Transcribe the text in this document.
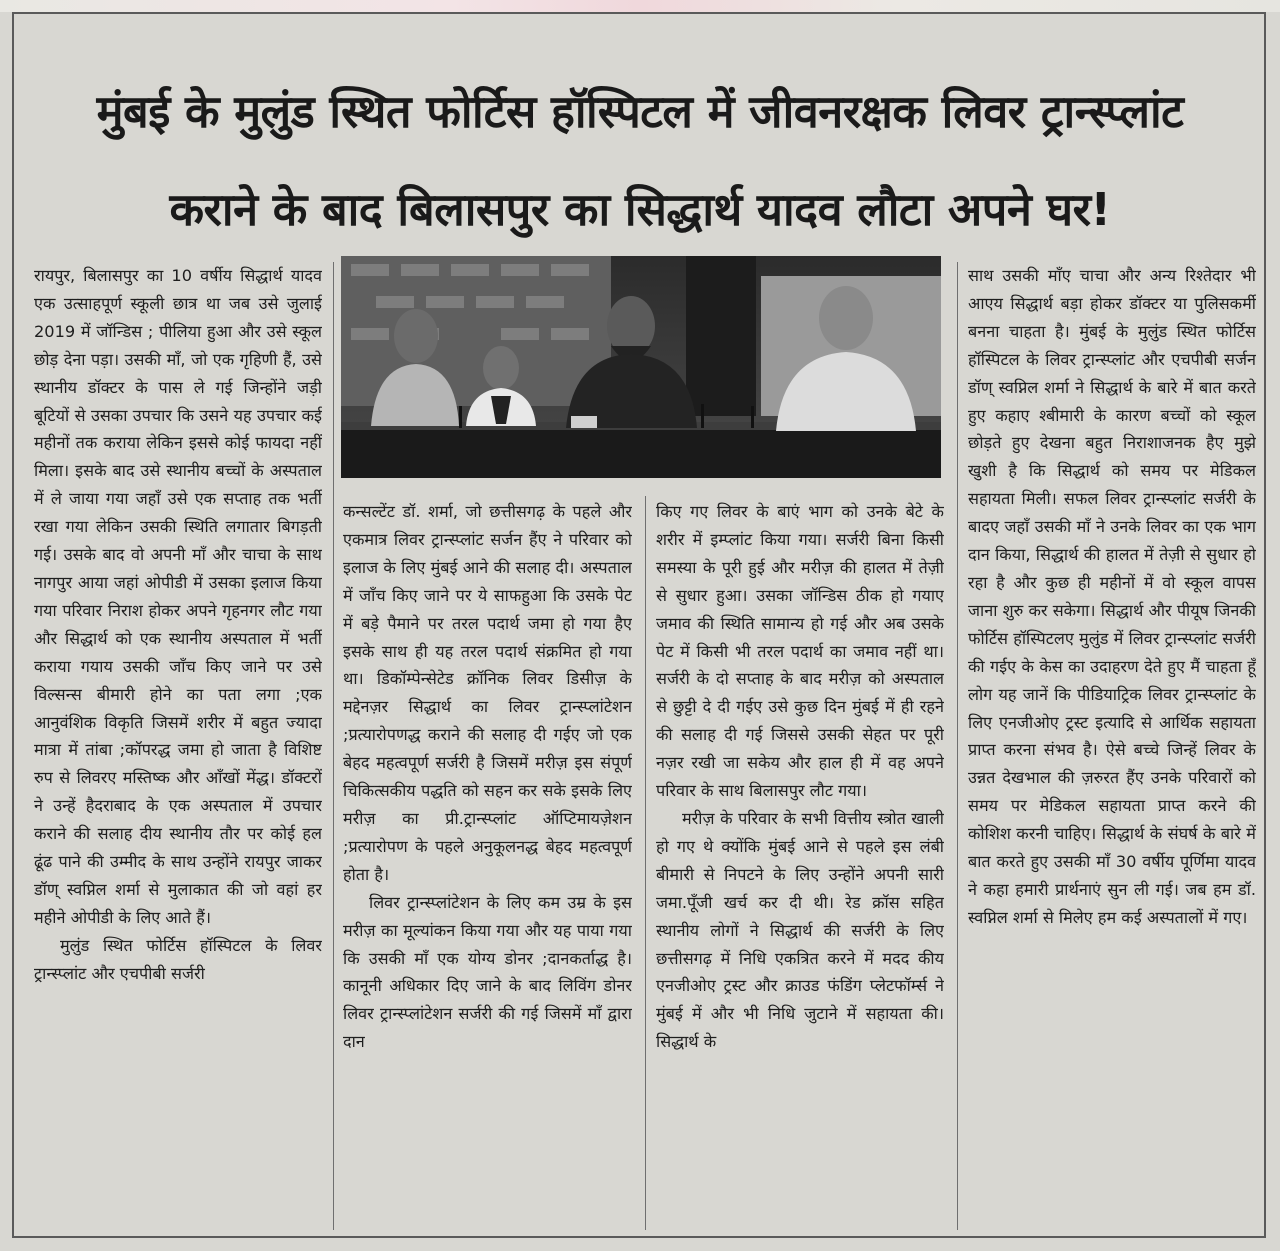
मुंबई के मुलुंड स्थित फोर्टिस हॉस्पिटल में जीवनरक्षक लिवर ट्रान्स्प्लांट
कराने के बाद बिलासपुर का सिद्धार्थ यादव लौटा अपने घर!

रायपुर, बिलासपुर का 10 वर्षीय सिद्धार्थ यादव एक उत्साहपूर्ण स्कूली छात्र था जब उसे जुलाई 2019 में जॉन्डिस ; पीलिया हुआ और उसे स्कूल छोड़ देना पड़ा। उसकी माँ, जो एक गृहिणी हैं, उसे स्थानीय डॉक्टर के पास ले गई जिन्होंने जड़ी बूटियों से उसका उपचार कि उसने यह उपचार कई महीनों तक कराया लेकिन इससे कोई फायदा नहीं मिला। इसके बाद उसे स्थानीय बच्चों के अस्पताल में ले जाया गया जहाँ उसे एक सप्ताह तक भर्ती रखा गया लेकिन उसकी स्थिति लगातार बिगड़ती गई। उसके बाद वो अपनी माँ और चाचा के साथ नागपुर आया जहां ओपीडी में उसका इलाज किया गया परिवार निराश होकर अपने गृहनगर लौट गया और सिद्धार्थ को एक स्थानीय अस्पताल में भर्ती कराया गयाय उसकी जाँच किए जाने पर उसे विल्सन्स बीमारी होने का पता लगा ;एक आनुवंशिक विकृति जिसमें शरीर में बहुत ज्यादा मात्रा में तांबा ;कॉपरद्ध जमा हो जाता है विशिष्ट रुप से लिवरए मस्तिष्क और आँखों मेंद्ध। डॉक्टरों ने उन्हें हैदराबाद के एक अस्पताल में उपचार कराने की सलाह दीय स्थानीय तौर पर कोई हल ढूंढ पाने की उम्मीद के साथ उन्होंने रायपुर जाकर डॉण् स्वप्निल शर्मा से मुलाकात की जो वहां हर महीने ओपीडी के लिए आते हैं।

मुलुंड स्थित फोर्टिस हॉस्पिटल के लिवर ट्रान्स्प्लांट और एचपीबी सर्जरी

कन्सल्टेंट डॉ. शर्मा, जो छत्तीसगढ़ के पहले और एकमात्र लिवर ट्रान्स्प्लांट सर्जन हैंए ने परिवार को इलाज के लिए मुंबई आने की सलाह दी। अस्पताल में जाँच किए जाने पर ये साफहुआ कि उसके पेट में बड़े पैमाने पर तरल पदार्थ जमा हो गया हैए इसके साथ ही यह तरल पदार्थ संक्रमित हो गया था। डिकॉम्पेन्सेटेड क्रॉनिक लिवर डिसीज़ के मद्देनज़र सिद्धार्थ का लिवर ट्रान्स्प्लांटेशन ;प्रत्यारोपणद्ध कराने की सलाह दी गईए जो एक बेहद महत्वपूर्ण सर्जरी है जिसमें मरीज़ इस संपूर्ण चिकित्सकीय पद्धति को सहन कर सके इसके लिए मरीज़ का प्री.ट्रान्स्प्लांट ऑप्टिमायज़ेशन ;प्रत्यारोपण के पहले अनुकूलनद्ध बेहद महत्वपूर्ण होता है।

लिवर ट्रान्स्प्लांटेशन के लिए कम उम्र के इस मरीज़ का मूल्यांकन किया गया और यह पाया गया कि उसकी माँ एक योग्य डोनर ;दानकर्ताद्ध है। कानूनी अधिकार दिए जाने के बाद लिविंग डोनर लिवर ट्रान्स्प्लांटेशन सर्जरी की गई जिसमें माँ द्वारा दान

किए गए लिवर के बाएं भाग को उनके बेटे के शरीर में इम्प्लांट किया गया। सर्जरी बिना किसी समस्या के पूरी हुई और मरीज़ की हालत में तेज़ी से सुधार हुआ। उसका जॉन्डिस ठीक हो गयाए जमाव की स्थिति सामान्य हो गई और अब उसके पेट में किसी भी तरल पदार्थ का जमाव नहीं था। सर्जरी के दो सप्ताह के बाद मरीज़ को अस्पताल से छुट्टी दे दी गईए उसे कुछ दिन मुंबई में ही रहने की सलाह दी गई जिससे उसकी सेहत पर पूरी नज़र रखी जा सकेय और हाल ही में वह अपने परिवार के साथ बिलासपुर लौट गया।

मरीज़ के परिवार के सभी वित्तीय स्त्रोत खाली हो गए थे क्योंकि मुंबई आने से पहले इस लंबी बीमारी से निपटने के लिए उन्होंने अपनी सारी जमा.पूँजी खर्च कर दी थी। रेड क्रॉस सहित स्थानीय लोगों ने सिद्धार्थ की सर्जरी के लिए छत्तीसगढ़ में निधि एकत्रित करने में मदद कीय एनजीओए ट्रस्ट और क्राउड फंडिंग प्लेटफॉर्म्स ने मुंबई में और भी निधि जुटाने में सहायता की। सिद्धार्थ के

साथ उसकी माँए चाचा और अन्य रिश्तेदार भी आएय सिद्धार्थ बड़ा होकर डॉक्टर या पुलिसकर्मी बनना चाहता है। मुंबई के मुलुंड स्थित फोर्टिस हॉस्पिटल के लिवर ट्रान्स्प्लांट और एचपीबी सर्जन डॉण् स्वप्निल शर्मा ने सिद्धार्थ के बारे में बात करते हुए कहाए श्बीमारी के कारण बच्चों को स्कूल छोड़ते हुए देखना बहुत निराशाजनक हैए मुझे खुशी है कि सिद्धार्थ को समय पर मेडिकल सहायता मिली। सफल लिवर ट्रान्स्प्लांट सर्जरी के बादए जहाँ उसकी माँ ने उनके लिवर का एक भाग दान किया, सिद्धार्थ की हालत में तेज़ी से सुधार हो रहा है और कुछ ही महीनों में वो स्कूल वापस जाना शुरु कर सकेगा। सिद्धार्थ और पीयूष जिनकी फोर्टिस हॉस्पिटलए मुलुंड में लिवर ट्रान्स्प्लांट सर्जरी की गईए के केस का उदाहरण देते हुए मैं चाहता हूँ लोग यह जानें कि पीडियाट्रिक लिवर ट्रान्स्प्लांट के लिए एनजीओए ट्रस्ट इत्यादि से आर्थिक सहायता प्राप्त करना संभव है। ऐसे बच्चे जिन्हें लिवर के उन्नत देखभाल की ज़रुरत हैंए उनके परिवारों को समय पर मेडिकल सहायता प्राप्त करने की कोशिश करनी चाहिए। सिद्धार्थ के संघर्ष के बारे में बात करते हुए उसकी माँ 30 वर्षीय पूर्णिमा यादव ने कहा हमारी प्रार्थनाएं सुन ली गई। जब हम डॉ. स्वप्निल शर्मा से मिलेए हम कई अस्पतालों में गए।
